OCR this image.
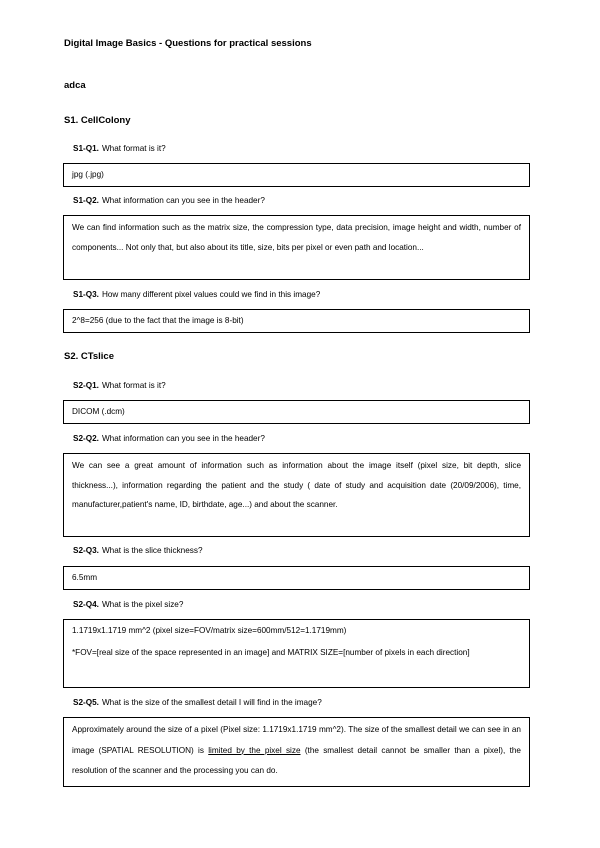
Digital Image Basics - Questions for practical sessions
adca
S1. CellColony
S1-Q1. What format is it?

jpg (.jpg)

S1-Q2. What information can you see in the header?

We can find information such as the matrix size, the compression type, data precision, image height and width, number of components... Not only that, but also about its title, size, bits per pixel or even path and location...

S1-Q3. How many different pixel values could we find in this image?

2^8=256 (due to the fact that the image is 8-bit)

S2. CTslice
S2-Q1. What format is it?

DICOM (.dcm)

S2-Q2. What information can you see in the header?

We can see a great amount of information such as information about the image itself (pixel size, bit depth, slice thickness...), information regarding the patient and the study ( date of study and acquisition date (20/09/2006), time, manufacturer,patient's name, ID, birthdate, age...) and about the scanner.

S2-Q3. What is the slice thickness?

6.5mm

S2-Q4. What is the pixel size?

1.1719x1.1719 mm^2 (pixel size=FOV/matrix size=600mm/512=1.1719mm)

*FOV=[real size of the space represented in an image] and MATRIX SIZE=[number of pixels in each direction]

S2-Q5. What is the size of the smallest detail I will find in the image?

Approximately around the size of a pixel (Pixel size: 1.1719x1.1719 mm^2). The size of the smallest detail we can see in an image (SPATIAL RESOLUTION) is limited by the pixel size (the smallest detail cannot be smaller than a pixel), the resolution of the scanner and the processing you can do.
